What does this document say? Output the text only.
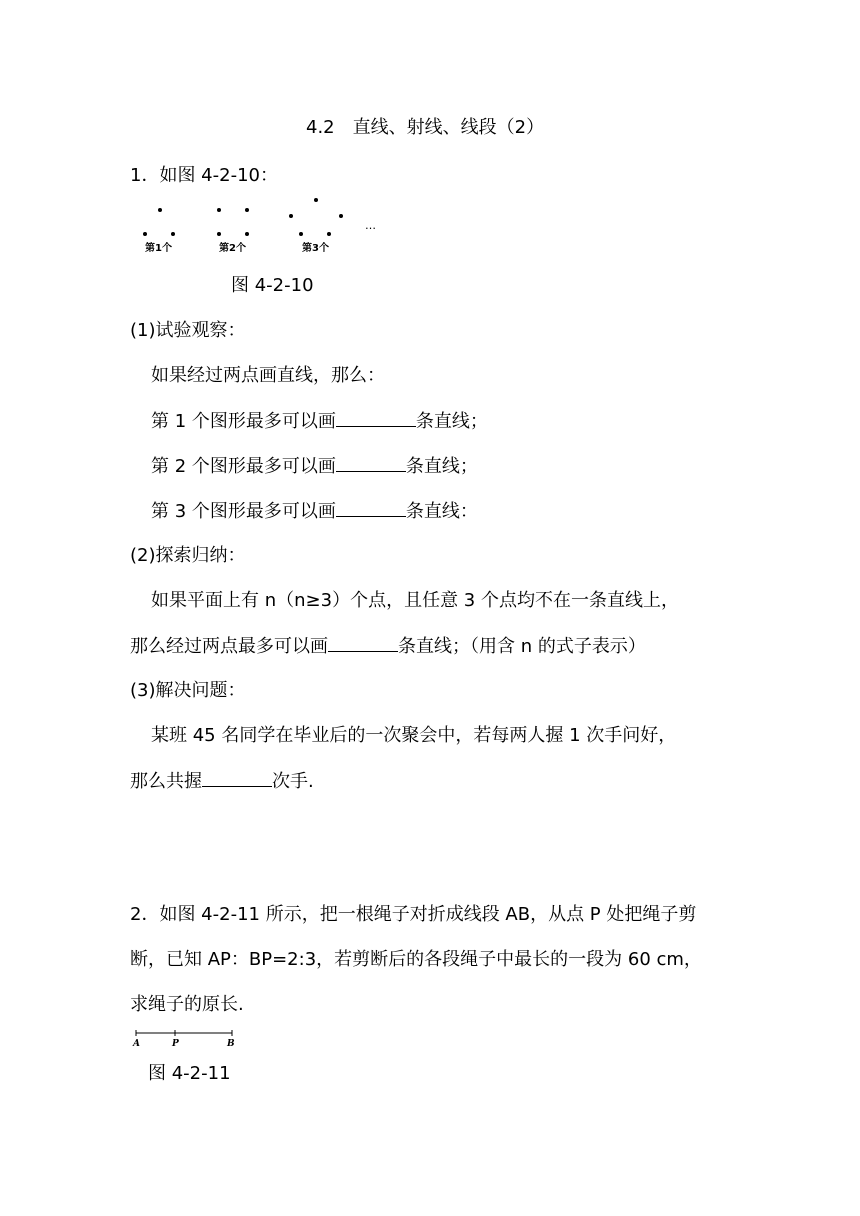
4.2　直线、射线、线段（2）
1．如图 4-2-10：
第1个	第2个	第3个
…
图 4-2-10
(1)试验观察：
如果经过两点画直线，那么：
第 1 个图形最多可以画	条直线；
第 2 个图形最多可以画	条直线；
第 3 个图形最多可以画	条直线：
(2)探索归纳：
如果平面上有 n（n≥3）个点，且任意 3 个点均不在一条直线上，
那么经过两点最多可以画	条直线；（用含 n 的式子表示）
(3)解决问题：
某班 45 名同学在毕业后的一次聚会中，若每两人握 1 次手问好，
那么共握	次手.
2．如图 4-2-11 所示，把一根绳子对折成线段 AB，从点 P 处把绳子剪
断，已知 AP：BP=2:3，若剪断后的各段绳子中最长的一段为 60 cm，
求绳子的原长.
A	P	B
图 4-2-11
